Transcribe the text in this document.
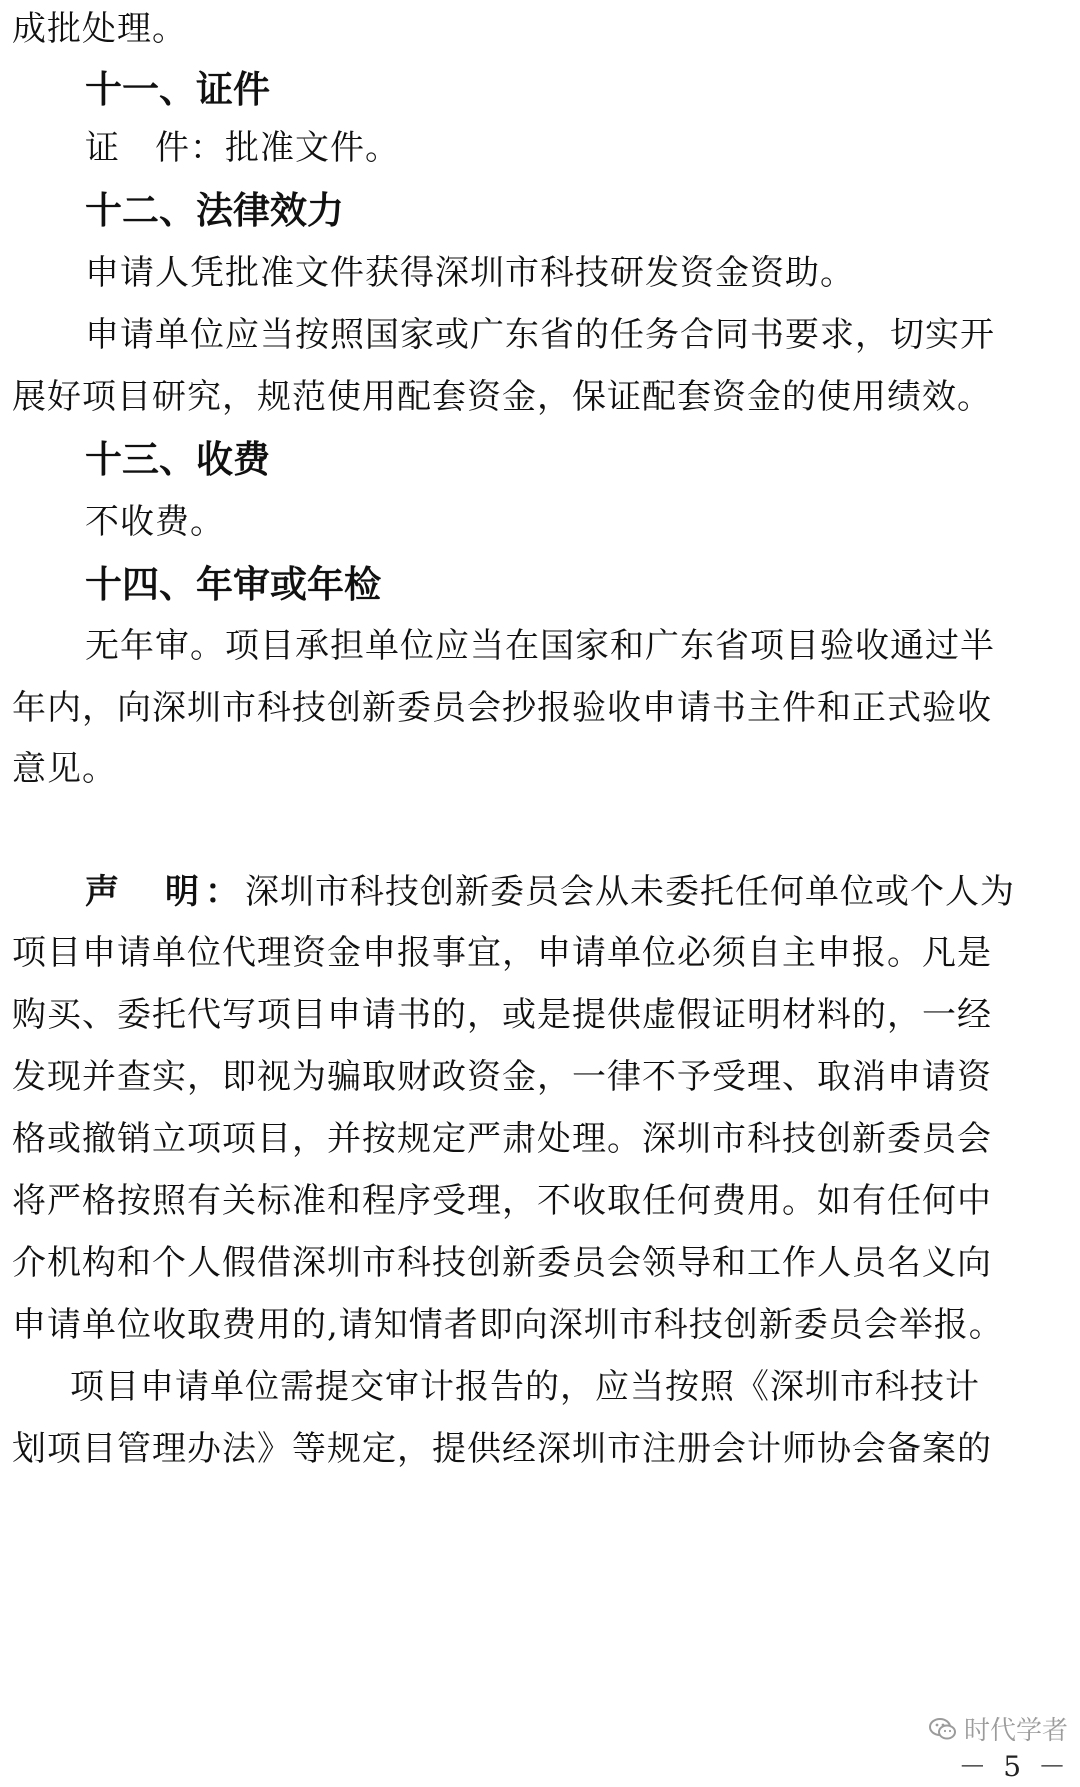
成批处理。
十一、证件
证　件：批准文件。
十二、法律效力
申请人凭批准文件获得深圳市科技研发资金资助。
申请单位应当按照国家或广东省的任务合同书要求，切实开
展好项目研究，规范使用配套资金，保证配套资金的使用绩效。
十三、收费
不收费。
十四、年审或年检
无年审。项目承担单位应当在国家和广东省项目验收通过半
年内，向深圳市科技创新委员会抄报验收申请书主件和正式验收
意见。
声　明：深圳市科技创新委员会从未委托任何单位或个人为
项目申请单位代理资金申报事宜，申请单位必须自主申报。凡是
购买、委托代写项目申请书的，或是提供虚假证明材料的，一经
发现并查实，即视为骗取财政资金，一律不予受理、取消申请资
格或撤销立项项目，并按规定严肃处理。深圳市科技创新委员会
将严格按照有关标准和程序受理，不收取任何费用。如有任何中
介机构和个人假借深圳市科技创新委员会领导和工作人员名义向
申请单位收取费用的,请知情者即向深圳市科技创新委员会举报。
项目申请单位需提交审计报告的，应当按照《深圳市科技计
划项目管理办法》等规定，提供经深圳市注册会计师协会备案的
时代学者
－ 5 －
